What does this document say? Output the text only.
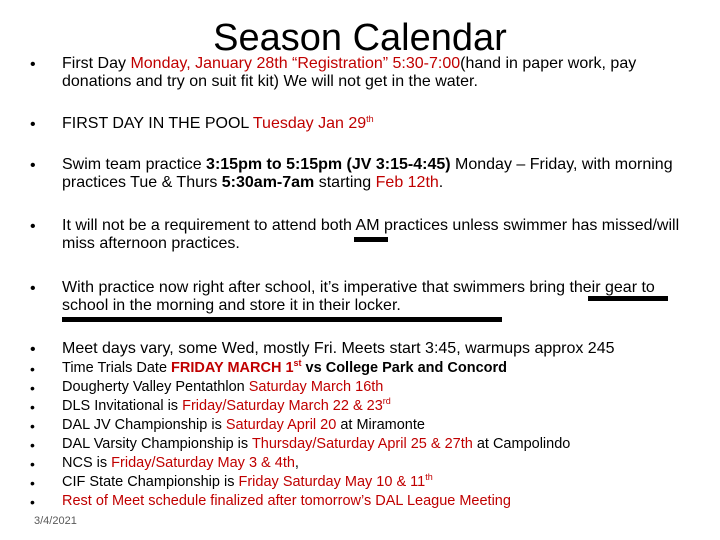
Season Calendar
• First Day Monday, January 28th “Registration” 5:30-7:00(hand in paper work, pay donations and try on suit fit kit) We will not get in the water.
• FIRST DAY IN THE POOL Tuesday Jan 29th
• Swim team practice 3:15pm to 5:15pm (JV 3:15-4:45) Monday – Friday, with morning practices Tue & Thurs 5:30am-7am starting Feb 12th.
• It will not be a requirement to attend both AM practices unless swimmer has missed/will miss afternoon practices.
• With practice now right after school, it’s imperative that swimmers bring their gear to school in the morning and store it in their locker.
• Meet days vary, some Wed, mostly Fri. Meets start 3:45, warmups approx 245
• Time Trials Date FRIDAY MARCH 1st vs College Park and Concord
• Dougherty Valley Pentathlon Saturday March 16th
• DLS Invitational is Friday/Saturday March 22 & 23rd
• DAL JV Championship is Saturday April 20 at Miramonte
• DAL Varsity Championship is Thursday/Saturday April 25 & 27th at Campolindo
• NCS is Friday/Saturday May 3 & 4th,
• CIF State Championship is Friday Saturday May 10 & 11th
• Rest of Meet schedule finalized after tomorrow’s DAL League Meeting
3/4/2021
